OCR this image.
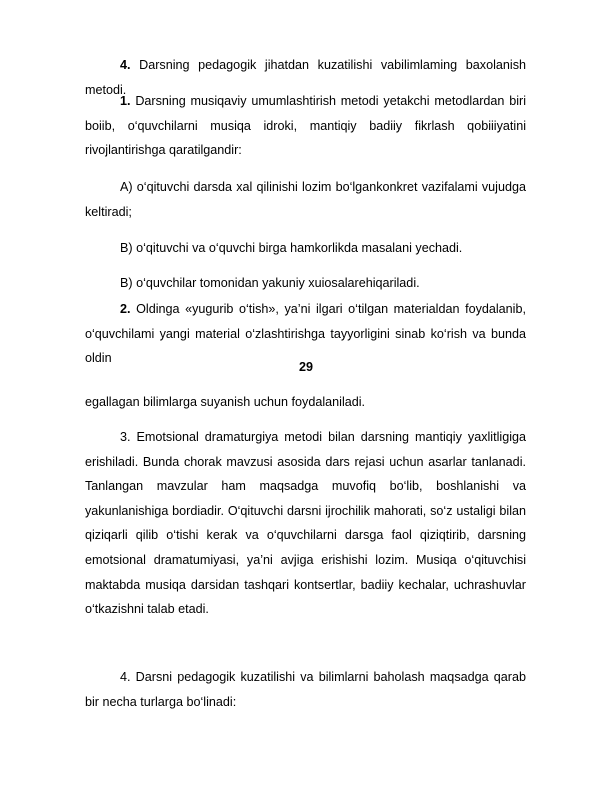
4. Darsning pedagogik jihatdan kuzatilishi vabilimlaming baxolanish metodi.

1. Darsning musiqaviy umumlashtirish metodi yetakchi metodlardan biri boiib, o‘quvchilarni musiqa idroki, mantiqiy badiiy fikrlash qobiiiyatini rivojlantirishga qaratilgandir:

A) o‘qituvchi darsda xal qilinishi lozim bo‘lgankonkret vazifalami vujudga keltiradi;

B) o‘qituvchi va o‘quvchi birga hamkorlikda masalani yechadi.

B) o‘quvchilar tomonidan yakuniy xuiosalarehiqariladi.

2. Oldinga «yugurib o‘tish», ya’ni ilgari o‘tilgan materialdan foydalanib, o‘quvchilami yangi material o‘zlashtirishga tayyorligini sinab ko‘rish va bunda oldin

29

egallagan bilimlarga suyanish uchun foydalaniladi.

3. Emotsional dramaturgiya metodi bilan darsning mantiqiy yaxlitligiga erishiladi. Bunda chorak mavzusi asosida dars rejasi uchun asarlar tanlanadi. Tanlangan mavzular ham maqsadga muvofiq bo‘lib, boshlanishi va yakunlanishiga bordiadir. O‘qituvchi darsni ijrochilik mahorati, so‘z ustaligi bilan qiziqarli qilib o‘tishi kerak va o‘quvchilarni darsga faol qiziqtirib, darsning emotsional dramatumiyasi, ya’ni avjiga erishishi lozim. Musiqa o‘qituvchisi maktabda musiqa darsidan tashqari kontsertlar, badiiy kechalar, uchrashuvlar o‘tkazishni talab etadi.

4. Darsni pedagogik kuzatilishi va bilimlarni baholash maqsadga qarab bir necha turlarga bo‘linadi:
